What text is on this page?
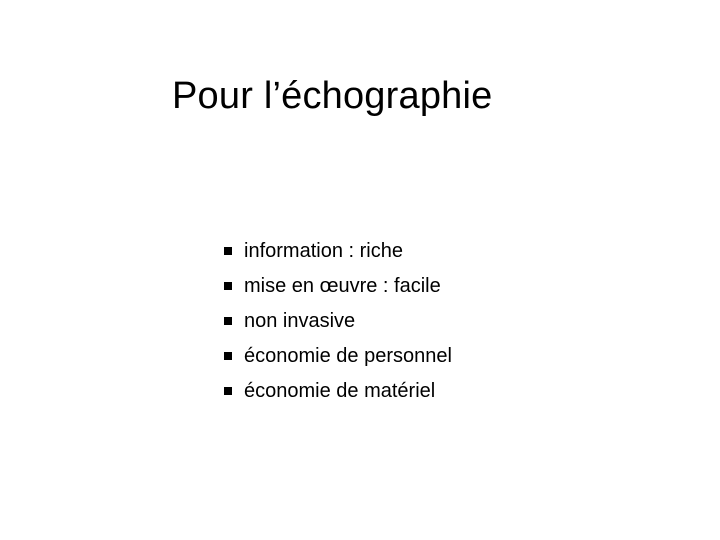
Pour l’échographie
information : riche
mise en œuvre : facile
non invasive
économie de personnel
économie de matériel
